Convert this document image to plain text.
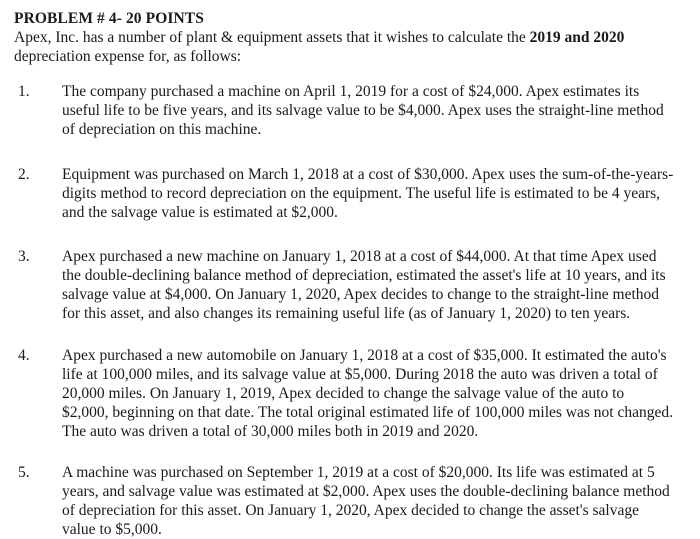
PROBLEM # 4- 20 POINTS
Apex, Inc. has a number of plant & equipment assets that it wishes to calculate the 2019 and 2020 depreciation expense for, as follows:
1.	The company purchased a machine on April 1, 2019 for a cost of $24,000. Apex estimates its useful life to be five years, and its salvage value to be $4,000. Apex uses the straight-line method of depreciation on this machine.
2.	Equipment was purchased on March 1, 2018 at a cost of $30,000. Apex uses the sum-of-the-years-digits method to record depreciation on the equipment. The useful life is estimated to be 4 years, and the salvage value is estimated at $2,000.
3.	Apex purchased a new machine on January 1, 2018 at a cost of $44,000. At that time Apex used the double-declining balance method of depreciation, estimated the asset's life at 10 years, and its salvage value at $4,000. On January 1, 2020, Apex decides to change to the straight-line method for this asset, and also changes its remaining useful life (as of January 1, 2020) to ten years.
4.	Apex purchased a new automobile on January 1, 2018 at a cost of $35,000. It estimated the auto's life at 100,000 miles, and its salvage value at $5,000. During 2018 the auto was driven a total of 20,000 miles. On January 1, 2019, Apex decided to change the salvage value of the auto to $2,000, beginning on that date. The total original estimated life of 100,000 miles was not changed. The auto was driven a total of 30,000 miles both in 2019 and 2020.
5.	A machine was purchased on September 1, 2019 at a cost of $20,000. Its life was estimated at 5 years, and salvage value was estimated at $2,000. Apex uses the double-declining balance method of depreciation for this asset. On January 1, 2020, Apex decided to change the asset's salvage value to $5,000.
